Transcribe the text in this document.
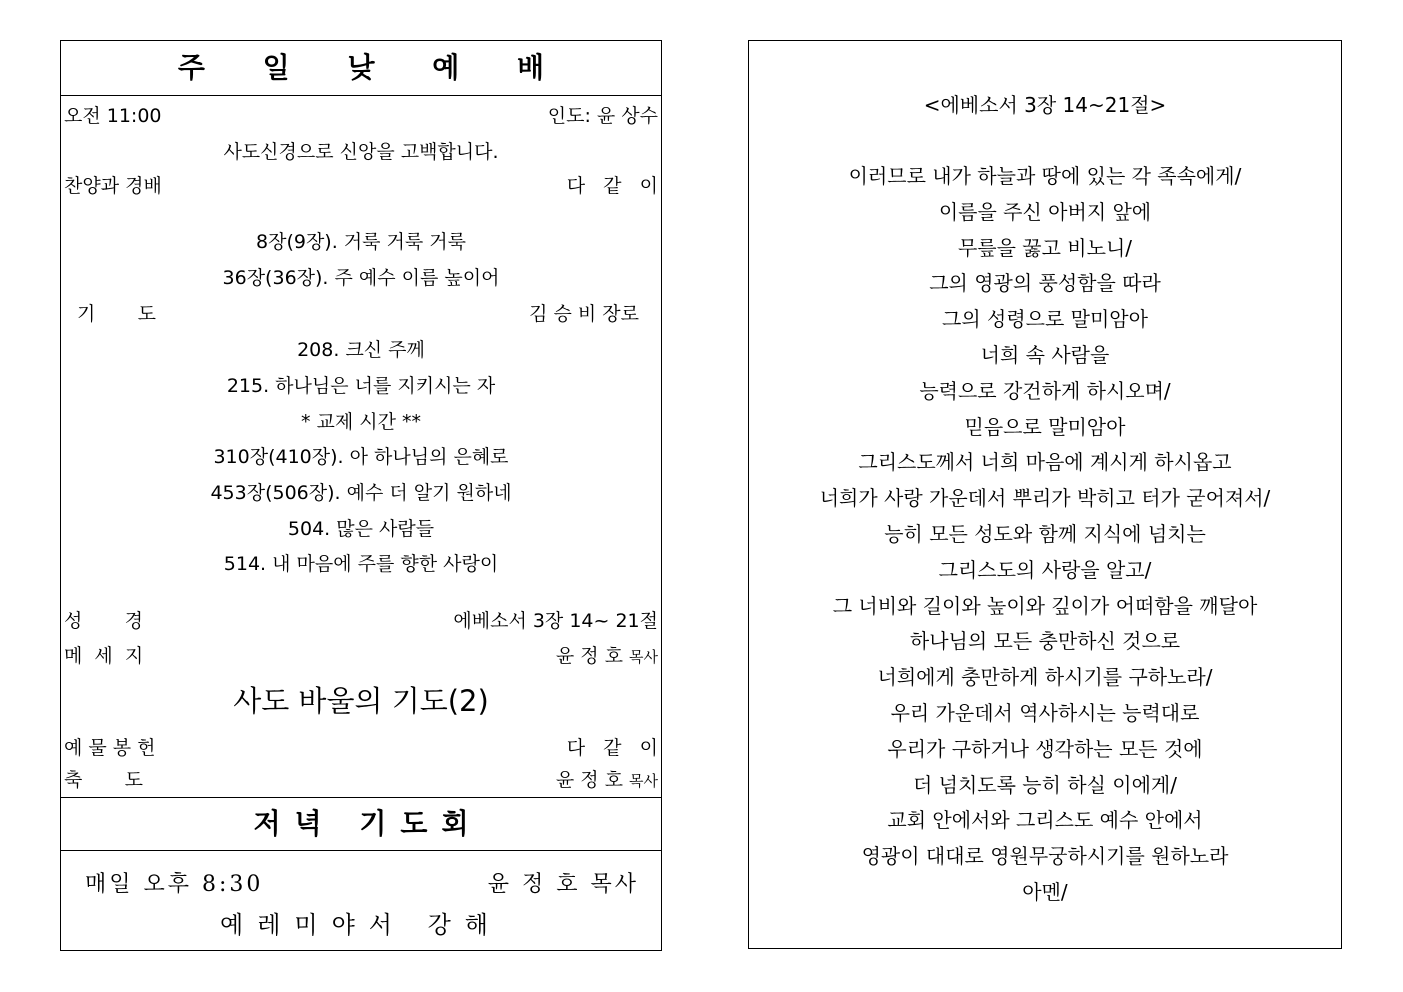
주 일 낮 예 배
오전 11:00	인도: 윤 상수
사도신경으로 신앙을 고백합니다.
찬양과 경배	다   같   이
8장(9장). 거룩 거룩 거룩
36장(36장). 주 예수 이름 높이어
기       도	김 승 비 장로
208. 크신 주께
215. 하나님은 너를 지키시는 자
* 교제 시간 **
310장(410장). 아 하나님의 은혜로
453장(506장). 예수 더 알기 원하네
504. 많은 사람들
514. 내 마음에 주를 향한 사랑이
성       경	에베소서 3장 14~ 21절
메  세  지	윤 정 호 목사
사도 바울의 기도(2)
예 물 봉 헌	다   같   이
축       도	윤 정 호 목사
저녁 기도회
매일 오후 8:30	윤 정 호 목사
예레미야서 강해
<에베소서 3장 14~21절>
이러므로 내가 하늘과 땅에 있는 각 족속에게/
이름을 주신 아버지 앞에
무릎을 꿇고 비노니/
그의 영광의 풍성함을 따라
그의 성령으로 말미암아
너희 속 사람을
능력으로 강건하게 하시오며/
믿음으로 말미암아
그리스도께서 너희 마음에 계시게 하시옵고
너희가 사랑 가운데서 뿌리가 박히고 터가 굳어져서/
능히 모든 성도와 함께 지식에 넘치는
그리스도의 사랑을 알고/
그 너비와 길이와 높이와 깊이가 어떠함을 깨달아
하나님의 모든 충만하신 것으로
너희에게 충만하게 하시기를 구하노라/
우리 가운데서 역사하시는 능력대로
우리가 구하거나 생각하는 모든 것에
더 넘치도록 능히 하실 이에게/
교회 안에서와 그리스도 예수 안에서
영광이 대대로 영원무궁하시기를 원하노라
아멘/
